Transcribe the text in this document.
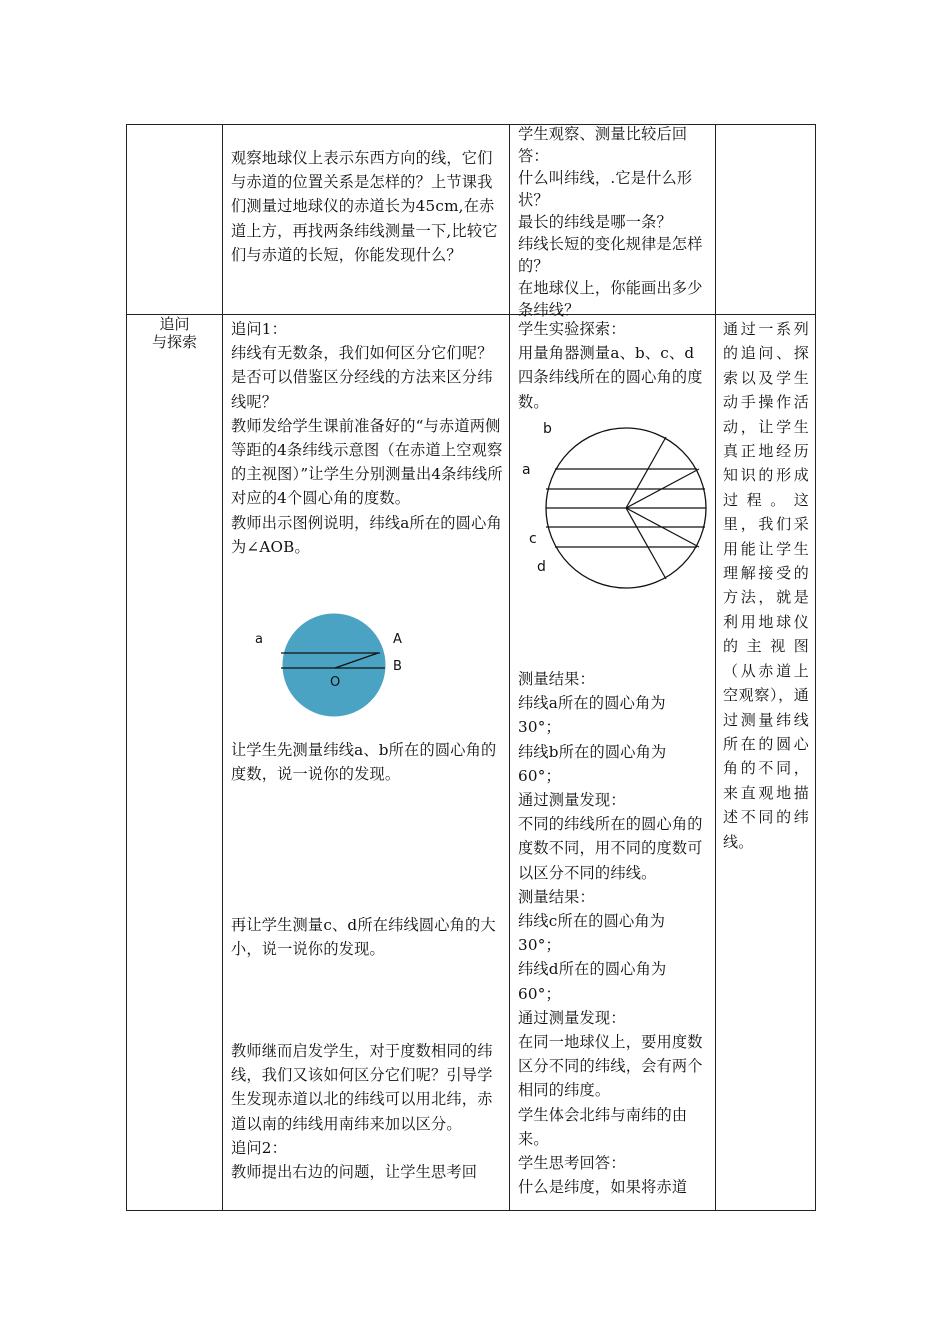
观察地球仪上表示东西方向的线，它们与赤道的位置关系是怎样的？上节课我们测量过地球仪的赤道长为45cm,在赤道上方，再找两条纬线测量一下,比较它们与赤道的长短，你能发现什么？

学生观察、测量比较后回答：

什么叫纬线，.它是什么形状？

最长的纬线是哪一条？

纬线长短的变化规律是怎样的？

在地球仪上，你能画出多少条纬线？

追问
与探索

追问1：

纬线有无数条，我们如何区分它们呢？是否可以借鉴区分经线的方法来区分纬线呢？

教师发给学生课前准备好的“与赤道两侧等距的4条纬线示意图（在赤道上空观察的主视图）”让学生分别测量出4条纬线所对应的4个圆心角的度数。

教师出示图例说明，纬线a所在的圆心角为∠AOB。

a	A
B
O

让学生先测量纬线a、b所在的圆心角的度数，说一说你的发现。

再让学生测量c、d所在纬线圆心角的大小，说一说你的发现。

教师继而启发学生，对于度数相同的纬线，我们又该如何区分它们呢？引导学生发现赤道以北的纬线可以用北纬，赤道以南的纬线用南纬来加以区分。

追问2：

教师提出右边的问题，让学生思考回

学生实验探索：

用量角器测量a、b、c、d四条纬线所在的圆心角的度数。

b
a
c
d

测量结果：

纬线a所在的圆心角为30°；

纬线b所在的圆心角为60°；

通过测量发现：

不同的纬线所在的圆心角的度数不同，用不同的度数可以区分不同的纬线。

测量结果：

纬线c所在的圆心角为30°；

纬线d所在的圆心角为60°；

通过测量发现：

在同一地球仪上，要用度数区分不同的纬线，会有两个相同的纬度。

学生体会北纬与南纬的由来。

学生思考回答：

什么是纬度，如果将赤道

通过一系列的追问、探索以及学生动手操作活动，让学生真正地经历知识的形成过程。这里，我们采用能让学生理解接受的方法，就是利用地球仪的主视图（从赤道上空观察），通过测量纬线所在的圆心角的不同，来直观地描述不同的纬线。
